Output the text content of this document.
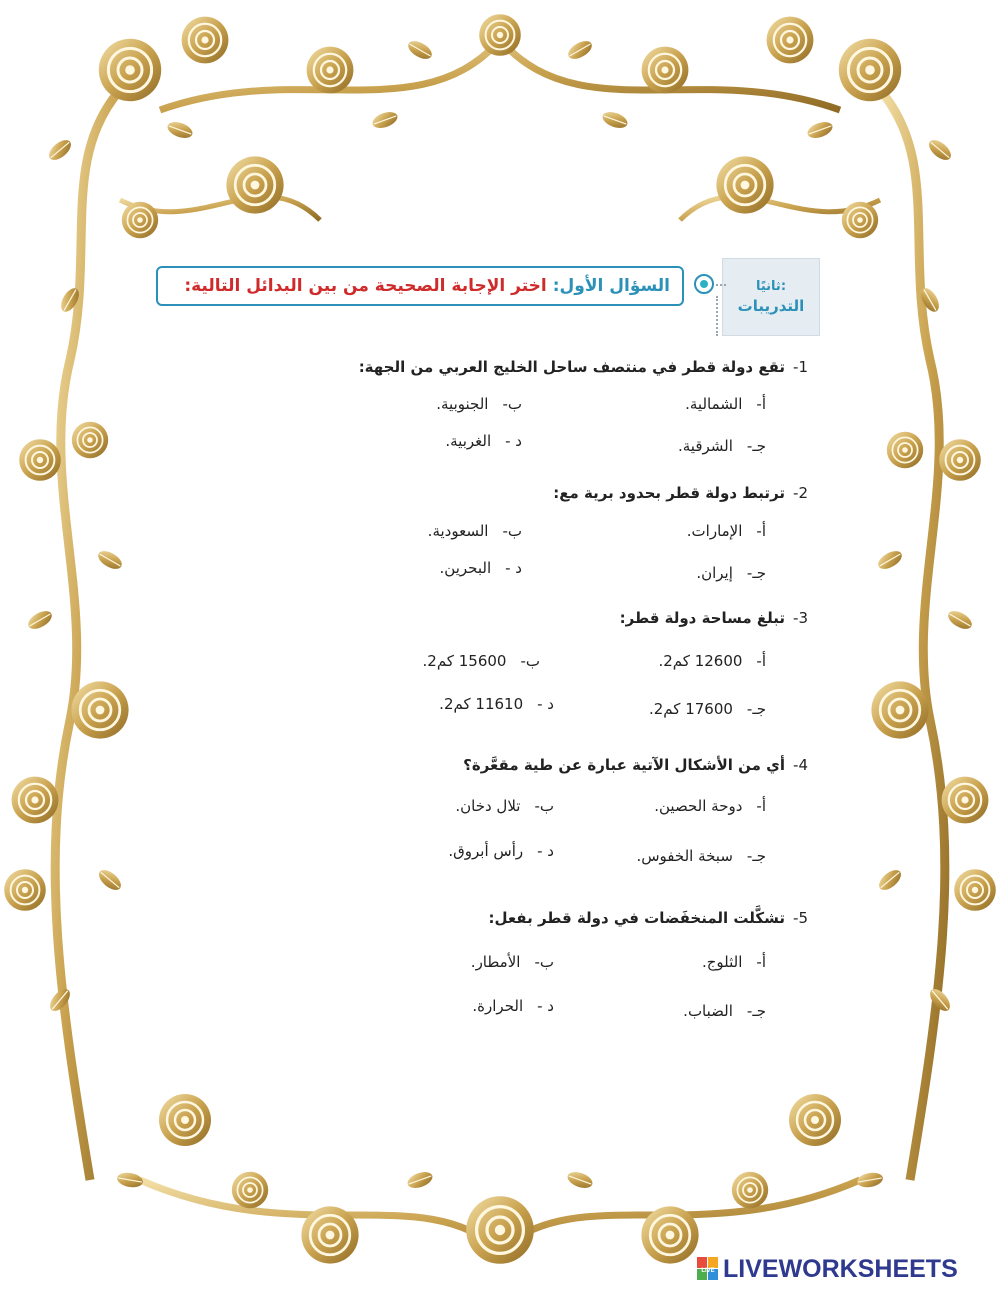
ثانيًا:
التدريبات
السؤال الأول:
اختر الإجابة الصحيحة من بين البدائل التالية:
1-تقع دولة قطر في منتصف ساحل الخليج العربي من الجهة:
أ-الشمالية.
ب-الجنوبية.
جـ-الشرقية.
د -الغربية.
2-ترتبط دولة قطر بحدود برية مع:
أ-الإمارات.
ب-السعودية.
جـ-إيران.
د -البحرين.
3-تبلغ مساحة دولة قطر:
أ-12600 كم2.
ب-15600 كم2.
جـ-17600 كم2.
د -11610 كم2.
4-أي من الأشكال الآتية عبارة عن طية مقعَّرة؟
أ-دوحة الحصين.
ب-تلال دخان.
جـ-سبخة الخفوس.
د -رأس أبروق.
5-تشكَّلت المنخفَضات في دولة قطر بفعل:
أ-الثلوج.
ب-الأمطار.
جـ-الضباب.
د -الحرارة.
LIVE LIVEWORKSHEETS
